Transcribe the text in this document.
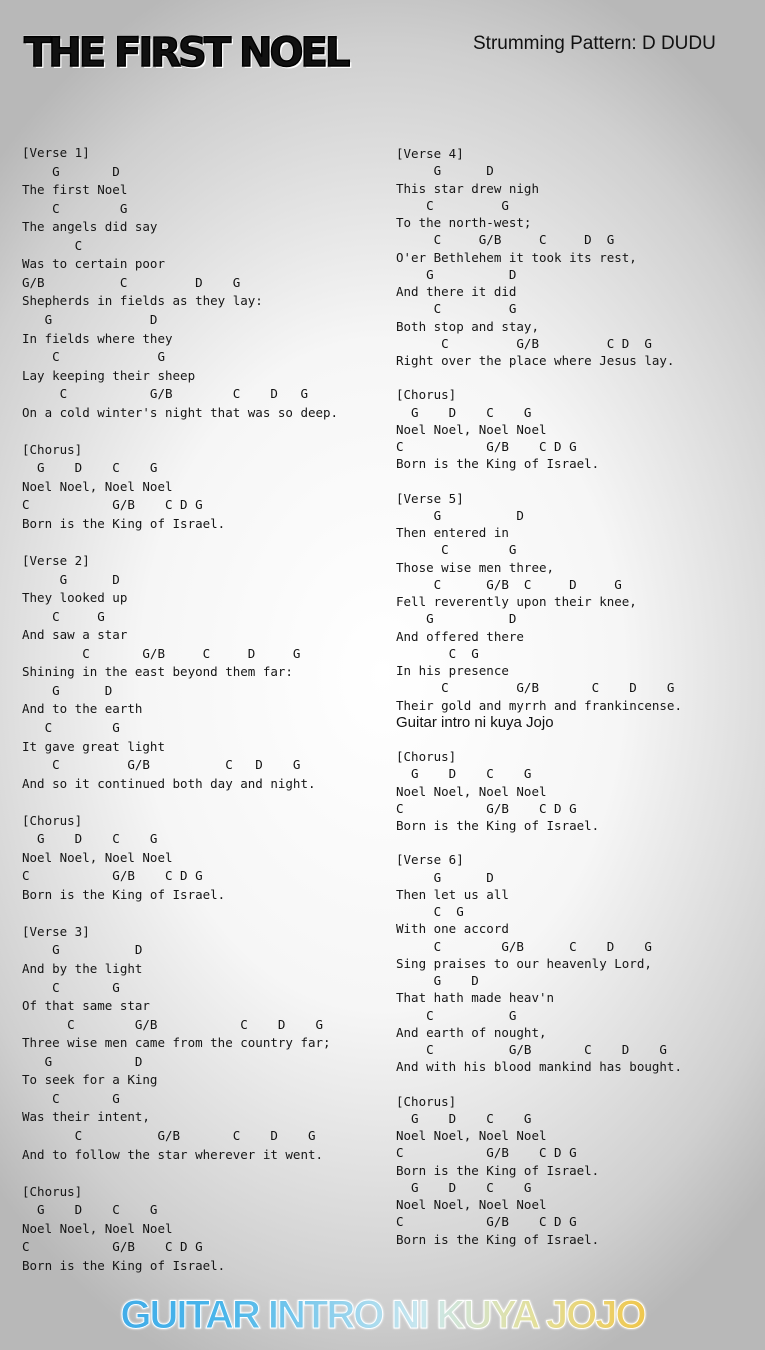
THE FIRST NOEL	Strumming Pattern: D DUDU
[Verse 1]
G       D
The first Noel
C        G
The angels did say
C
Was to certain poor
G/B          C         D    G
Shepherds in fields as they lay:
G             D
In fields where they
C             G
Lay keeping their sheep
C           G/B        C    D   G
On a cold winter's night that was so deep.
[Chorus]
G    D    C    G
Noel Noel, Noel Noel
C           G/B    C D G
Born is the King of Israel.
[Verse 2]
G      D
They looked up
C     G
And saw a star
C       G/B     C     D     G
Shining in the east beyond them far:
G      D
And to the earth
C        G
It gave great light
C         G/B          C   D    G
And so it continued both day and night.
[Chorus]
G    D    C    G
Noel Noel, Noel Noel
C           G/B    C D G
Born is the King of Israel.
[Verse 3]
G          D
And by the light
C       G
Of that same star
C        G/B           C    D    G
Three wise men came from the country far;
G           D
To seek for a King
C       G
Was their intent,
C          G/B       C    D    G
And to follow the star wherever it went.
[Chorus]
G    D    C    G
Noel Noel, Noel Noel
C           G/B    C D G
Born is the King of Israel.
[Verse 4]
G      D
This star drew nigh
C         G
To the north-west;
C     G/B     C     D  G
O'er Bethlehem it took its rest,
G          D
And there it did
C         G
Both stop and stay,
C         G/B         C D  G
Right over the place where Jesus lay.
[Chorus]
G    D    C    G
Noel Noel, Noel Noel
C           G/B    C D G
Born is the King of Israel.
[Verse 5]
G          D
Then entered in
C        G
Those wise men three,
C      G/B  C     D     G
Fell reverently upon their knee,
G          D
And offered there
C  G
In his presence
C         G/B       C    D    G
Their gold and myrrh and frankincense.
Guitar intro ni kuya Jojo
[Chorus]
G    D    C    G
Noel Noel, Noel Noel
C           G/B    C D G
Born is the King of Israel.
[Verse 6]
G      D
Then let us all
C  G
With one accord
C        G/B      C    D    G
Sing praises to our heavenly Lord,
G    D
That hath made heav'n
C          G
And earth of nought,
C          G/B       C    D    G
And with his blood mankind has bought.
[Chorus]
G    D    C    G
Noel Noel, Noel Noel
C           G/B    C D G
Born is the King of Israel.
G    D    C    G
Noel Noel, Noel Noel
C           G/B    C D G
Born is the King of Israel.
GUITAR INTRO NI KUYA JOJO
